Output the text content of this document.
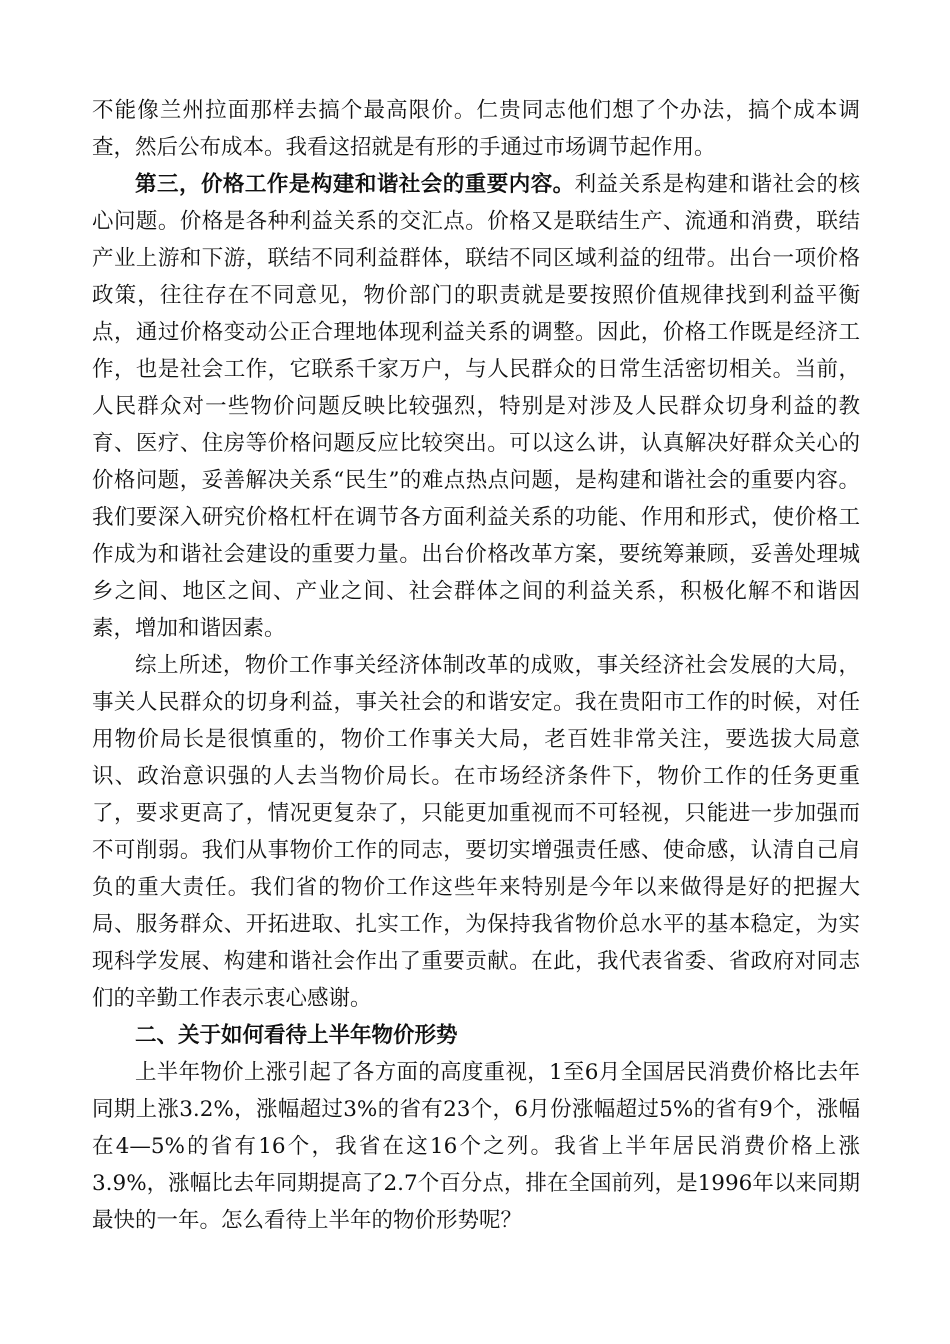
不能像兰州拉面那样去搞个最高限价。仁贵同志他们想了个办法，搞个成本调查，然后公布成本。我看这招就是有形的手通过市场调节起作用。

第三，价格工作是构建和谐社会的重要内容。利益关系是构建和谐社会的核心问题。价格是各种利益关系的交汇点。价格又是联结生产、流通和消费，联结产业上游和下游，联结不同利益群体，联结不同区域利益的纽带。出台一项价格政策，往往存在不同意见，物价部门的职责就是要按照价值规律找到利益平衡点，通过价格变动公正合理地体现利益关系的调整。因此，价格工作既是经济工作，也是社会工作，它联系千家万户，与人民群众的日常生活密切相关。当前，人民群众对一些物价问题反映比较强烈，特别是对涉及人民群众切身利益的教育、医疗、住房等价格问题反应比较突出。可以这么讲，认真解决好群众关心的价格问题，妥善解决关系“民生”的难点热点问题，是构建和谐社会的重要内容。我们要深入研究价格杠杆在调节各方面利益关系的功能、作用和形式，使价格工作成为和谐社会建设的重要力量。出台价格改革方案，要统筹兼顾，妥善处理城乡之间、地区之间、产业之间、社会群体之间的利益关系，积极化解不和谐因素，增加和谐因素。

综上所述，物价工作事关经济体制改革的成败，事关经济社会发展的大局，事关人民群众的切身利益，事关社会的和谐安定。我在贵阳市工作的时候，对任用物价局长是很慎重的，物价工作事关大局，老百姓非常关注，要选拔大局意识、政治意识强的人去当物价局长。在市场经济条件下，物价工作的任务更重了，要求更高了，情况更复杂了，只能更加重视而不可轻视，只能进一步加强而不可削弱。我们从事物价工作的同志，要切实增强责任感、使命感，认清自己肩负的重大责任。我们省的物价工作这些年来特别是今年以来做得是好的把握大局、服务群众、开拓进取、扎实工作，为保持我省物价总水平的基本稳定，为实现科学发展、构建和谐社会作出了重要贡献。在此，我代表省委、省政府对同志们的辛勤工作表示衷心感谢。

二、关于如何看待上半年物价形势

上半年物价上涨引起了各方面的高度重视，1至6月全国居民消费价格比去年同期上涨3.2%，涨幅超过3%的省有23个，6月份涨幅超过5%的省有9个，涨幅在4—5%的省有16个，我省在这16个之列。我省上半年居民消费价格上涨3.9%，涨幅比去年同期提高了2.7个百分点，排在全国前列，是1996年以来同期最快的一年。怎么看待上半年的物价形势呢？
